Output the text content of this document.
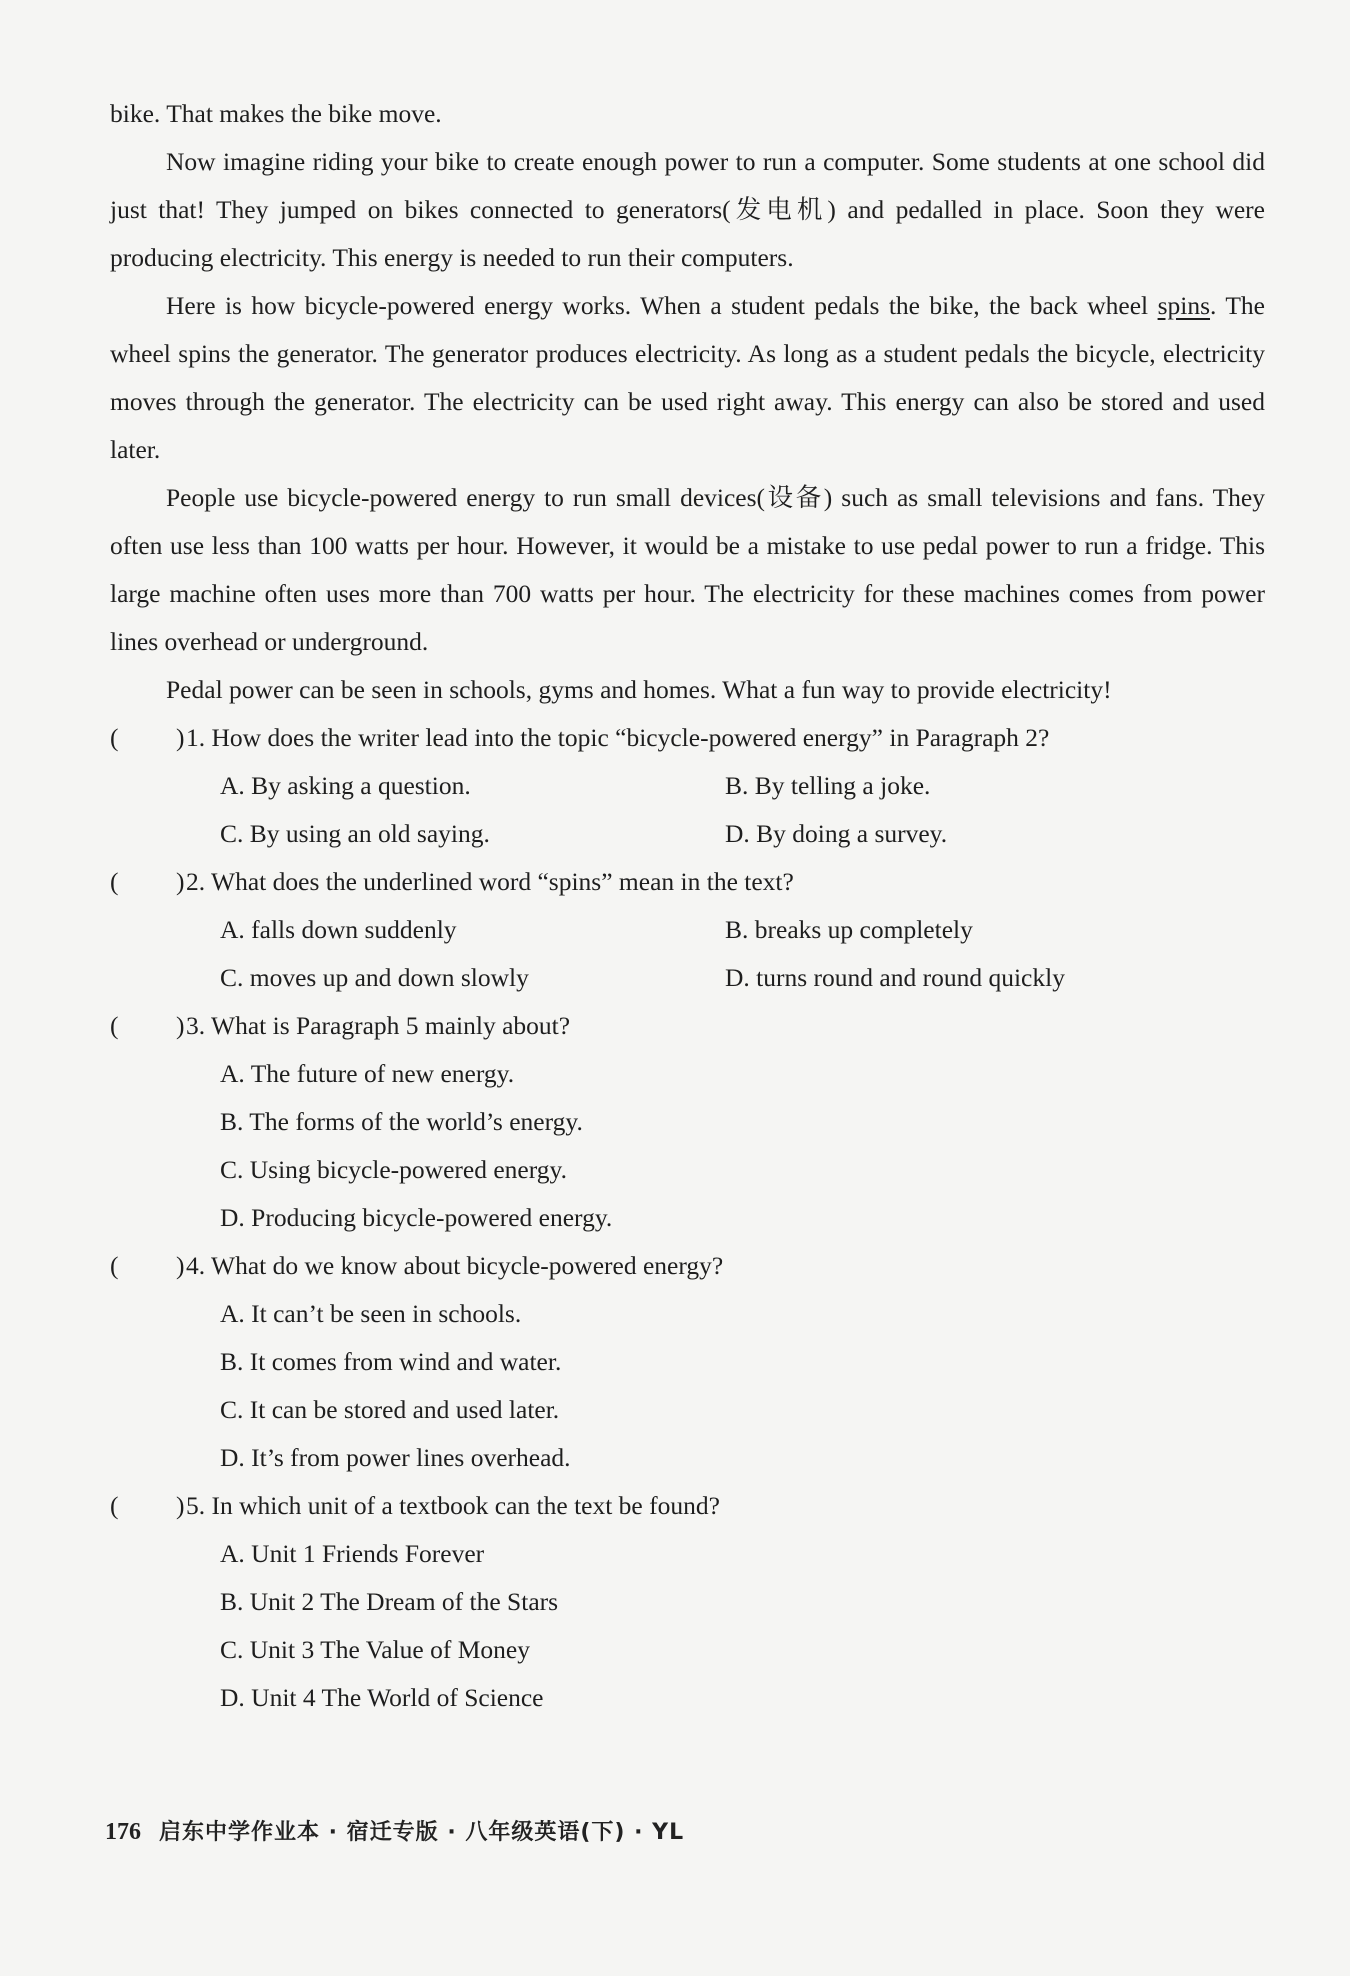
bike. That makes the bike move.

Now imagine riding your bike to create enough power to run a computer. Some students at one school did just that! They jumped on bikes connected to generators(发电机) and pedalled in place. Soon they were producing electricity. This energy is needed to run their computers.

Here is how bicycle-powered energy works. When a student pedals the bike, the back wheel spins. The wheel spins the generator. The generator produces electricity. As long as a student pedals the bicycle, electricity moves through the generator. The electricity can be used right away. This energy can also be stored and used later.

People use bicycle-powered energy to run small devices(设备) such as small televisions and fans. They often use less than 100 watts per hour. However, it would be a mistake to use pedal power to run a fridge. This large machine often uses more than 700 watts per hour. The electricity for these machines comes from power lines overhead or underground.

Pedal power can be seen in schools, gyms and homes. What a fun way to provide electricity!

(	) 1. How does the writer lead into the topic “bicycle-powered energy” in Paragraph 2?
A. By asking a question.	B. By telling a joke.
C. By using an old saying.	D. By doing a survey.
(	) 2. What does the underlined word “spins” mean in the text?
A. falls down suddenly	B. breaks up completely
C. moves up and down slowly	D. turns round and round quickly
(	) 3. What is Paragraph 5 mainly about?
A. The future of new energy.
B. The forms of the world’s energy.
C. Using bicycle-powered energy.
D. Producing bicycle-powered energy.
(	) 4. What do we know about bicycle-powered energy?
A. It can’t be seen in schools.
B. It comes from wind and water.
C. It can be stored and used later.
D. It’s from power lines overhead.
(	) 5. In which unit of a textbook can the text be found?
A. Unit 1 Friends Forever
B. Unit 2 The Dream of the Stars
C. Unit 3 The Value of Money
D. Unit 4 The World of Science
176 启东中学作业本 · 宿迁专版 · 八年级英语(下) · YL
